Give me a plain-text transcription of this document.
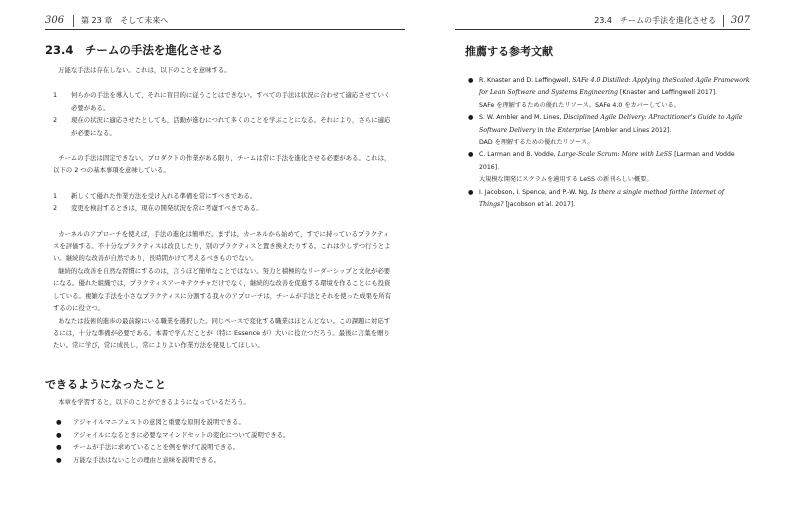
306 第 23 章　そして未来へ
23.4　チームの手法を進化させる

万能な手法は存在しない。これは，以下のことを意味する。

1 何らかの手法を導入して，それに盲目的に従うことはできない。すべての手法は状況に合わせて適応させていく必要がある。
2 現在の状況に適応させたとしても，活動が進むにつれて多くのことを学ぶことになる。それにより，さらに適応が必要になる。

チームの手法は固定できない。プロダクトの作業がある限り，チームは常に手法を進化させる必要がある。これは，以下の 2 つの基本事項を意味している。

1 新しくて優れた作業方法を受け入れる準備を常にすべきである。
2 変更を検討するときは，現在の開発状況を常に考慮すべきである。

カーネルのアプローチを使えば，手法の進化は簡単だ。まずは，カーネルから始めて，すでに持っているプラクティスを評価する。不十分なプラクティスは改良したり，別のプラクティスと置き換えたりする。これは少しずつ行うとよい。継続的な改善が自然であり，長時間かけて考えるべきものでない。

継続的な改善を自然な習慣にするのは，言うほど簡単なことではない。努力と積極的なリーダーシップと文化が必要になる。優れた組織では，プラクティスアーキテクチャだけでなく，継続的な改善を促進する環境を作ることにも投資している。複雑な手法を小さなプラクティスに分割する我々のアプローチは，チームが手法とそれを使った成果を所有するのに役立つ。

あなたは技術的進歩の最前線にいる職業を選択した。同じペースで変化する職業はほとんどない。この課題に対応するには，十分な準備が必要である。本書で学んだことが（特に Essence が）大いに役立つだろう。最後に言葉を贈りたい。常に学び，常に成長し，常によりよい作業方法を発見してほしい。

できるようになったこと

本章を学習すると，以下のことができるようになっているだろう。

● アジャイルマニフェストの意図と重要な原則を説明できる。
● アジャイルになるときに必要なマインドセットの変化について説明できる。
● チームが手法に求めていることを例を挙げて説明できる。
● 万能な手法はないことの理由と意味を説明できる。
23.4　チームの手法を進化させる 307
推薦する参考文献
● R. Knaster and D. Leffingwell, SAFe 4.0 Distilled: Applying theScaled Agile Framework for Lean Software and Systems Engineering [Knaster and Leffingwell 2017].

SAFe を理解するための優れたリソース。SAFe 4.0 をカバーしている。

● S. W. Ambler and M. Lines, Disciplined Agile Delivery: APractitioner’s Guide to Agile Software Delivery in the Enterprise [Ambler and Lines 2012].

DAD を理解するための優れたリソース。

● C. Larman and B. Vodde, Large-Scale Scrum: More with LeSS [Larman and Vodde 2016].

大規模な開発にスクラムを適用する LeSS の新刊らしい概要。

● I. Jacobson, I. Spence, and P.-W. Ng, Is there a single method forthe Internet of Things? [Jacobson et al. 2017].
